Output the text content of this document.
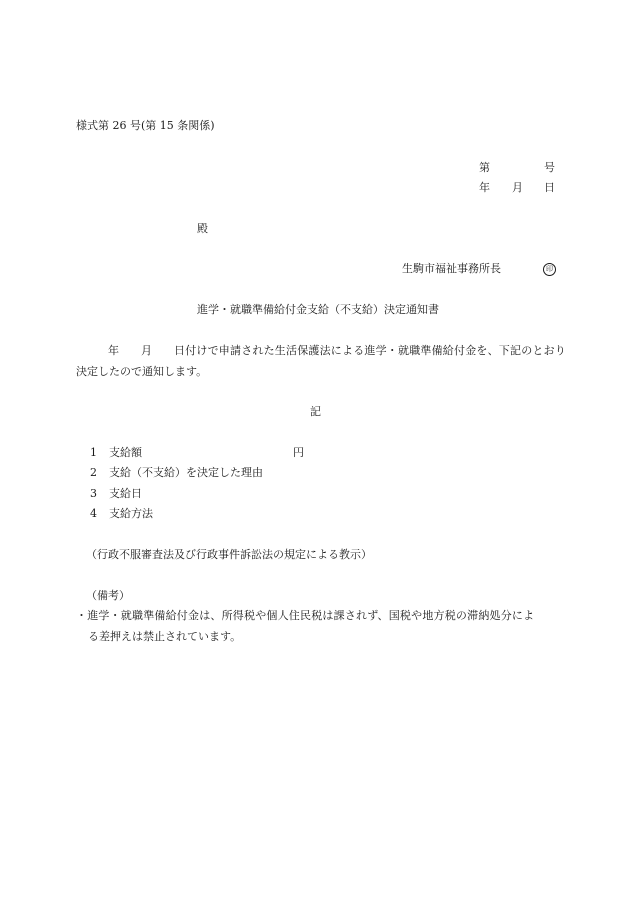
様式第 26 号(第 15 条関係)
第	号
年 月 日
殿
生駒市福祉事務所長	印
進学・就職準備給付金支給（不支給）決定通知書
年 月 日付けで申請された生活保護法による進学・就職準備給付金を、下記のとおり
決定したので通知します。
記
1 支給額	円
2 支給（不支給）を決定した理由
3 支給日
4 支給方法
（行政不服審査法及び行政事件訴訟法の規定による教示）
（備考）
・進学・就職準備給付金は、所得税や個人住民税は課されず、国税や地方税の滞納処分によ
る差押えは禁止されています。
